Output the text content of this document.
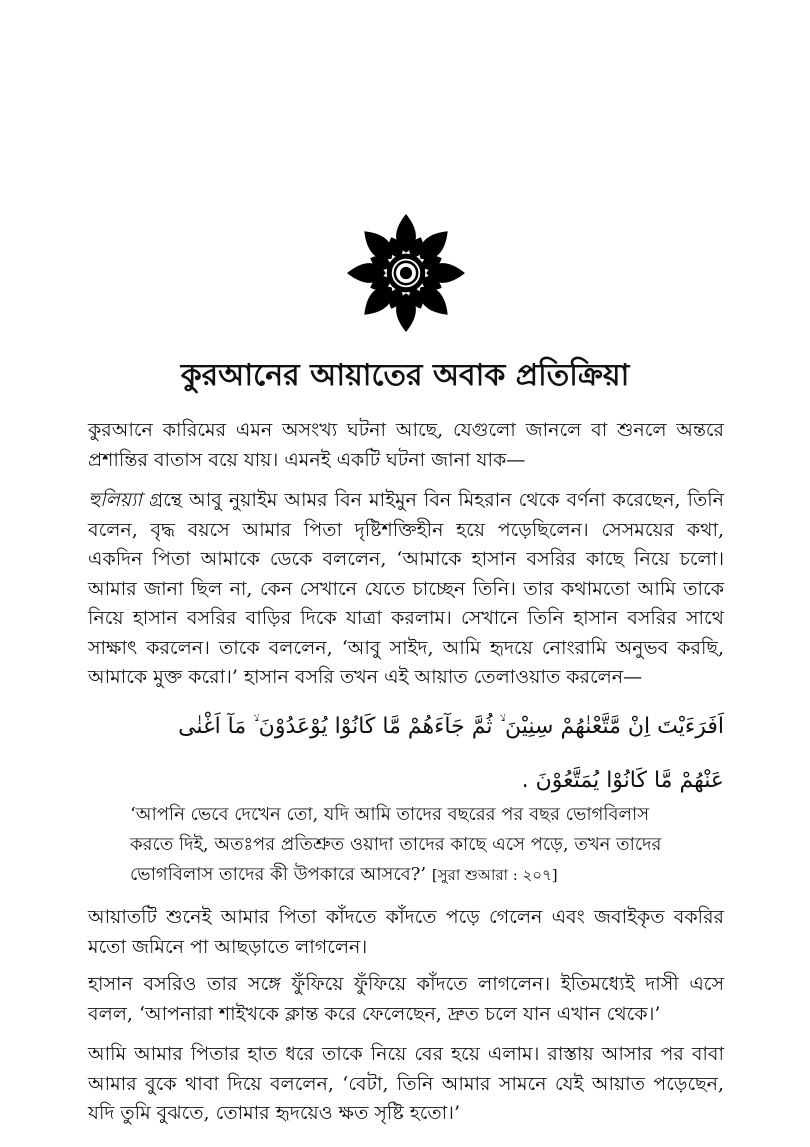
কুরআনের আয়াতের অবাক প্রতিক্রিয়া

কুরআনে কারিমের এমন অসংখ্য ঘটনা আছে, যেগুলো জানলে বা শুনলে অন্তরে প্রশান্তির বাতাস বয়ে যায়। এমনই একটি ঘটনা জানা যাক—

হুলিয়্যা গ্রন্থে আবু নুয়াইম আমর বিন মাইমুন বিন মিহরান থেকে বর্ণনা করেছেন, তিনি বলেন, বৃদ্ধ বয়সে আমার পিতা দৃষ্টিশক্তিহীন হয়ে পড়েছিলেন। সেসময়ের কথা, একদিন পিতা আমাকে ডেকে বললেন, ‘আমাকে হাসান বসরির কাছে নিয়ে চলো। আমার জানা ছিল না, কেন সেখানে যেতে চাচ্ছেন তিনি। তার কথামতো আমি তাকে নিয়ে হাসান বসরির বাড়ির দিকে যাত্রা করলাম। সেখানে তিনি হাসান বসরির সাথে সাক্ষাৎ করলেন। তাকে বললেন, ‘আবু সাইদ, আমি হৃদয়ে নোংরামি অনুভব করছি, আমাকে মুক্ত করো।’ হাসান বসরি তখন এই আয়াত তেলাওয়াত করলেন—

اَفَرَءَيْتَ اِنْ مَّتَّعْنٰهُمْ سِنِيْنَ ۙ ثُمَّ جَآءَهُمْ مَّا كَانُوْا يُوْعَدُوْنَ ۙ مَآ اَغْنٰى عَنْهُمْ مَّا كَانُوْا يُمَتَّعُوْنَ .

‘আপনি ভেবে দেখেন তো, যদি আমি তাদের বছরের পর বছর ভোগবিলাস করতে দিই, অতঃপর প্রতিশ্রুত ওয়াদা তাদের কাছে এসে পড়ে, তখন তাদের ভোগবিলাস তাদের কী উপকারে আসবে?’ [সুরা শুআরা : ২০৭]

আয়াতটি শুনেই আমার পিতা কাঁদতে কাঁদতে পড়ে গেলেন এবং জবাইকৃত বকরির মতো জমিনে পা আছড়াতে লাগলেন।

হাসান বসরিও তার সঙ্গে ফুঁফিয়ে ফুঁফিয়ে কাঁদতে লাগলেন। ইতিমধ্যেই দাসী এসে বলল, ‘আপনারা শাইখকে ক্লান্ত করে ফেলেছেন, দ্রুত চলে যান এখান থেকে।’

আমি আমার পিতার হাত ধরে তাকে নিয়ে বের হয়ে এলাম। রাস্তায় আসার পর বাবা আমার বুকে থাবা দিয়ে বললেন, ‘বেটা, তিনি আমার সামনে যেই আয়াত পড়েছেন, যদি তুমি বুঝতে, তোমার হৃদয়েও ক্ষত সৃষ্টি হতো।’
